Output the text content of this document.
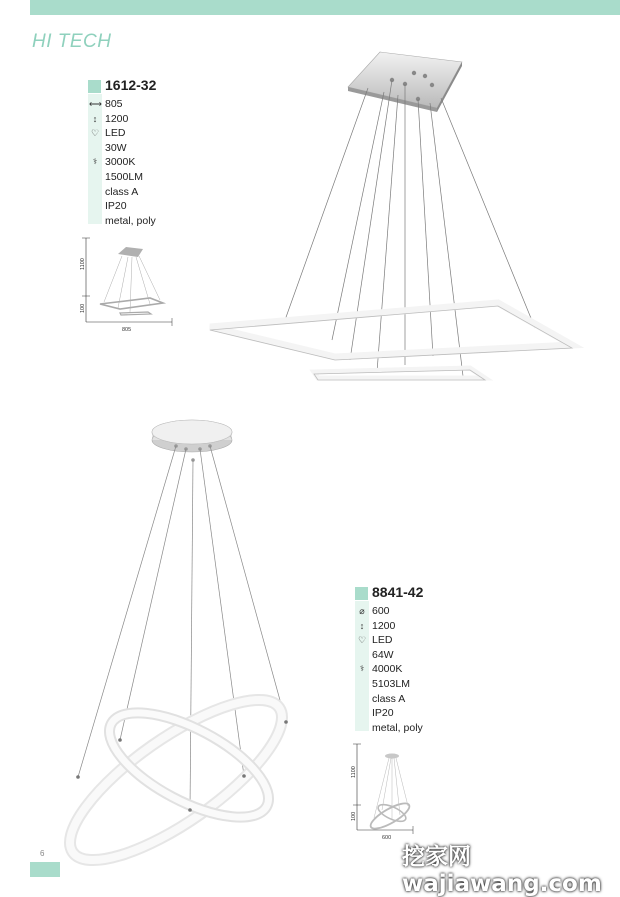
HI TECH
1612-32
⟷
↕
♡
⚕
805
1200
LED
30W
3000K
1500LM
class A
IP20
metal, poly
8841-42
⌀
↕
♡
⚕
600
1200
LED
64W
4000K
5103LM
class A
IP20
metal, poly
1100
100
805
1100
100
600
6	挖家网 wajiawang.com
